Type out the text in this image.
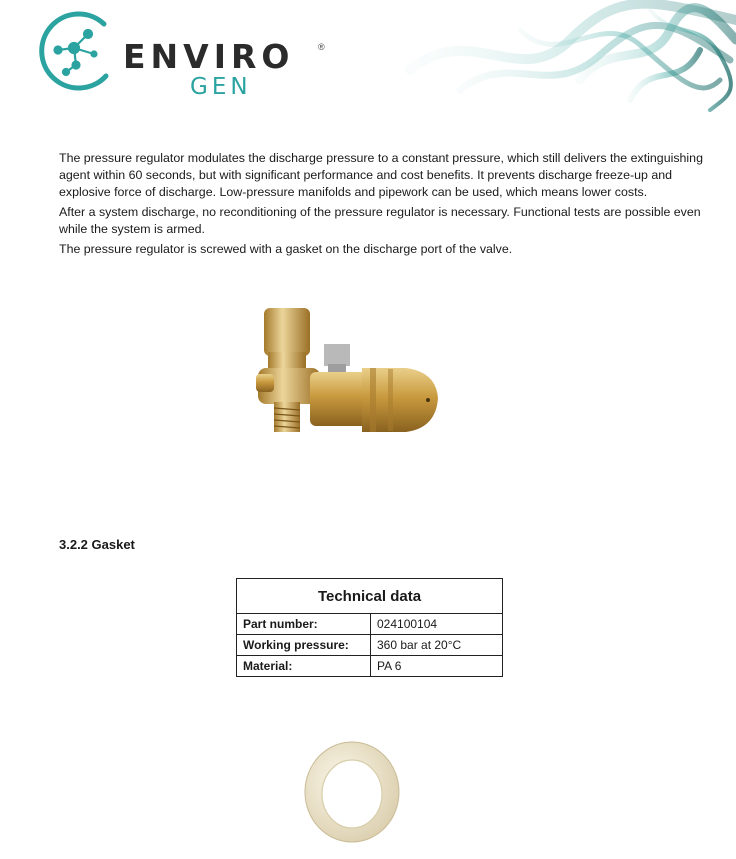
ENVIRO	®
GEN

The pressure regulator modulates the discharge pressure to a constant pressure, which still delivers the extinguishing agent within 60 seconds, but with significant performance and cost benefits. It prevents discharge freeze-up and explosive force of discharge. Low-pressure manifolds and pipework can be used, which means lower costs.

After a system discharge, no reconditioning of the pressure regulator is necessary. Functional tests are possible even while the system is armed.

The pressure regulator is screwed with a gasket on the discharge port of the valve.

3.2.2 Gasket
Technical data	
Part number:	024100104
Working pressure:	360 bar at 20°C
Material:	PA 6
